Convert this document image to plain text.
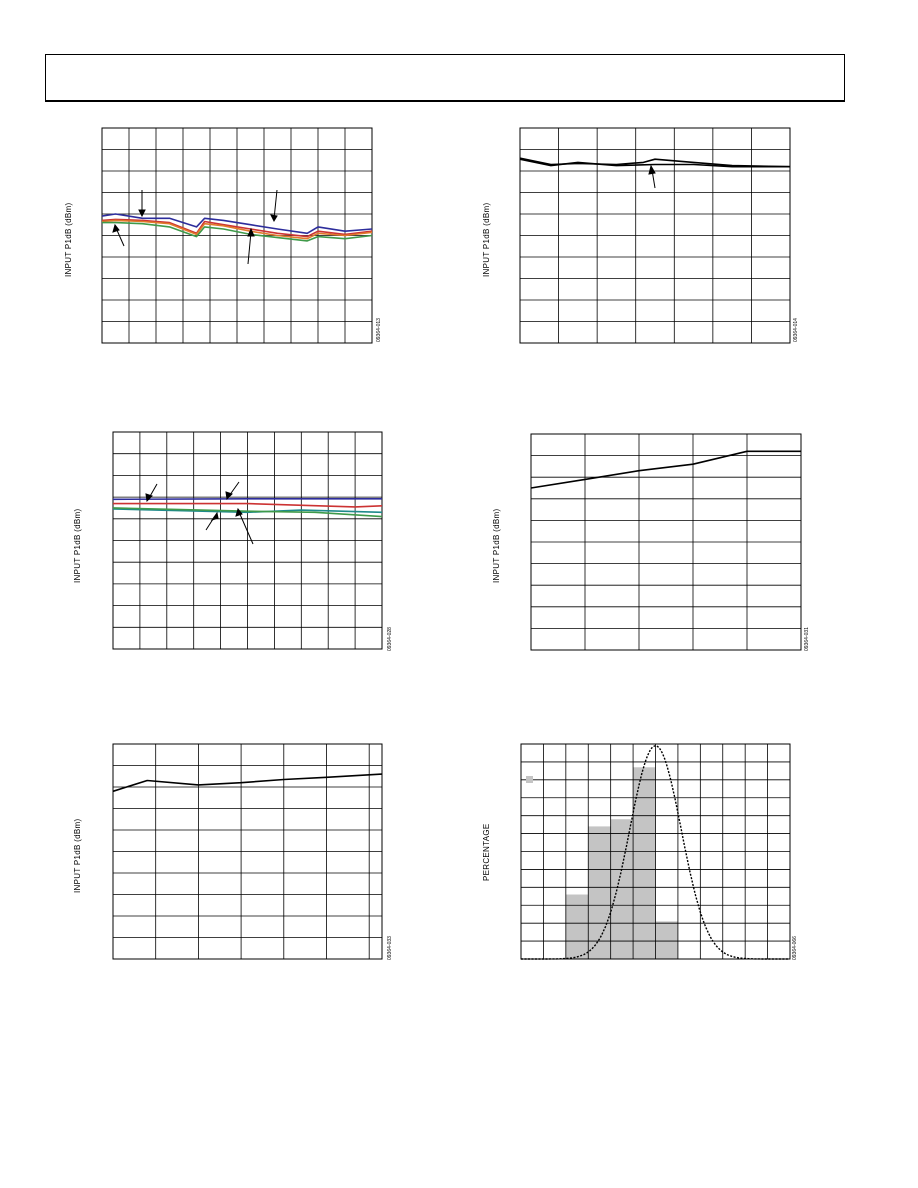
INPUT P1dB (dBm)
09364-013
INPUT P1dB (dBm)
09364-014
INPUT P1dB (dBm)
09364-028
INPUT P1dB (dBm)
09364-031
INPUT P1dB (dBm)
09364-033
PERCENTAGE
09364-066
